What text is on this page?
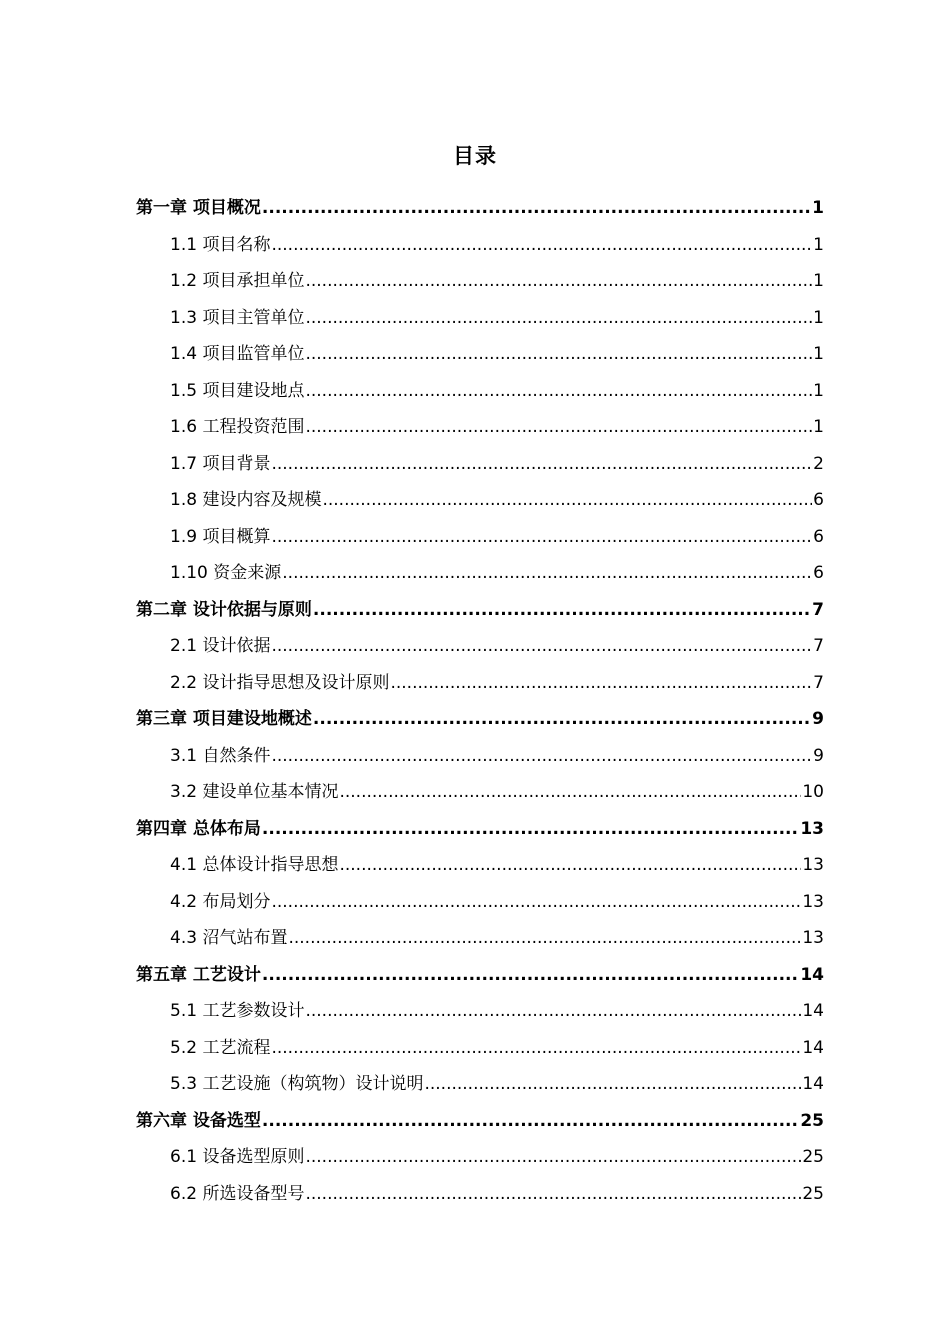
目录
第一章 项目概况 .....	1
1.1 项目名称 .....	1
1.2 项目承担单位 .....	1
1.3 项目主管单位 .....	1
1.4 项目监管单位 .....	1
1.5 项目建设地点 .....	1
1.6 工程投资范围 .....	1
1.7 项目背景 .....	2
1.8 建设内容及规模 .....	6
1.9 项目概算 .....	6
1.10 资金来源 .....	6
第二章 设计依据与原则 .....	7
2.1 设计依据 .....	7
2.2 设计指导思想及设计原则 .....	7
第三章 项目建设地概述 .....	9
3.1 自然条件 .....	9
3.2 建设单位基本情况 .....	10
第四章 总体布局 .....	13
4.1 总体设计指导思想 .....	13
4.2 布局划分 .....	13
4.3 沼气站布置 .....	13
第五章 工艺设计 .....	14
5.1 工艺参数设计 .....	14
5.2 工艺流程 .....	14
5.3 工艺设施（构筑物）设计说明 .....	14
第六章 设备选型 .....	25
6.1 设备选型原则 .....	25
6.2 所选设备型号 .....	25
